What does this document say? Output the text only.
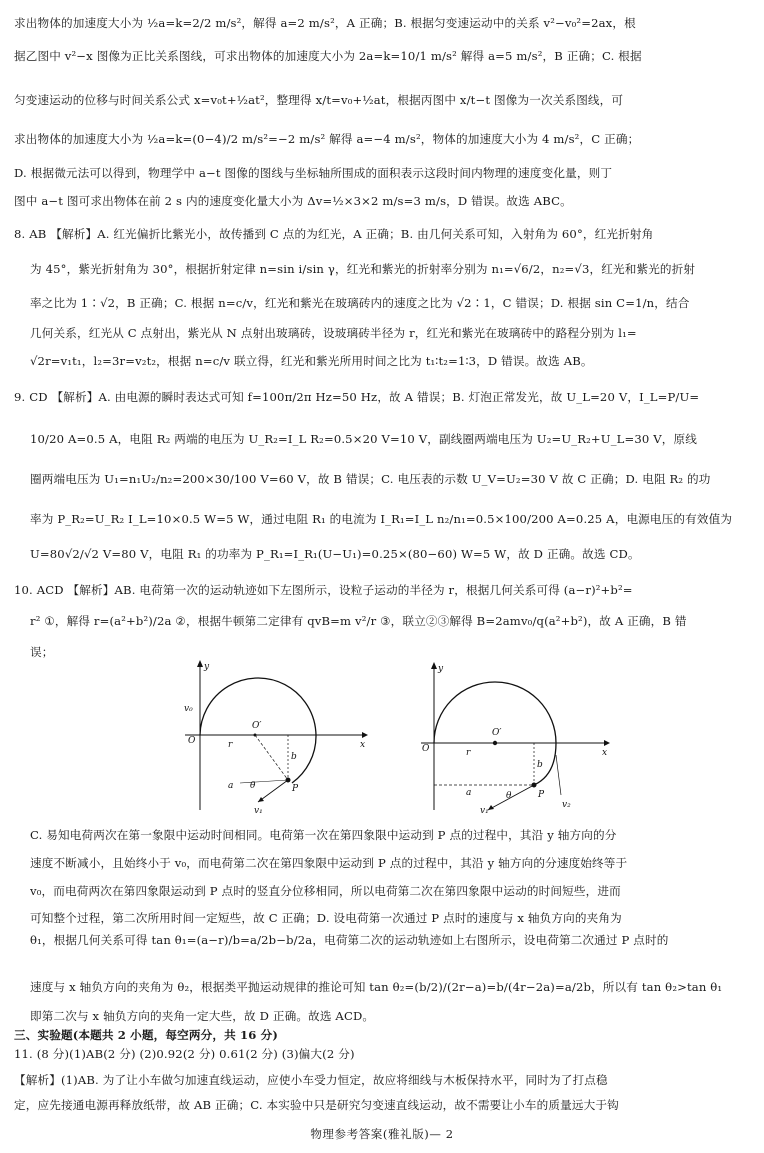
求出物体的加速度大小为 ½a=k=2/2 m/s²，解得 a=2 m/s²，A 正确；B. 根据匀变速运动中的关系 v²−v₀²=2ax，根
据乙图中 v²−x 图像为正比关系图线，可求出物体的加速度大小为 2a=k=10/1 m/s² 解得 a=5 m/s²，B 正确；C. 根据
匀变速运动的位移与时间关系公式 x=v₀t+½at²，整理得 x/t=v₀+½at，根据丙图中 x/t−t 图像为一次关系图线，可
求出物体的加速度大小为 ½a=k=(0−4)/2 m/s²=−2 m/s² 解得 a=−4 m/s²，物体的加速度大小为 4 m/s²，C 正确；
D. 根据微元法可以得到，物理学中 a−t 图像的图线与坐标轴所围成的面积表示这段时间内物理的速度变化量，则丁
图中 a−t 图可求出物体在前 2 s 内的速度变化量大小为 Δv=½×3×2 m/s=3 m/s，D 错误。故选 ABC。
8. AB 【解析】A. 红光偏折比紫光小，故传播到 C 点的为红光，A 正确；B. 由几何关系可知，入射角为 60°，红光折射角
为 45°，紫光折射角为 30°，根据折射定律 n=sin i/sin γ，红光和紫光的折射率分别为 n₁=√6/2，n₂=√3，红光和紫光的折射
率之比为 1∶√2，B 正确；C. 根据 n=c/v，红光和紫光在玻璃砖内的速度之比为 √2∶1，C 错误；D. 根据 sin C=1/n，结合
几何关系，红光从 C 点射出，紫光从 N 点射出玻璃砖，设玻璃砖半径为 r，红光和紫光在玻璃砖中的路程分别为 l₁=
√2r=v₁t₁，l₂=3r=v₂t₂，根据 n=c/v 联立得，红光和紫光所用时间之比为 t₁∶t₂=1∶3，D 错误。故选 AB。
9. CD 【解析】A. 由电源的瞬时表达式可知 f=100π/2π Hz=50 Hz，故 A 错误；B. 灯泡正常发光，故 U_L=20 V，I_L=P/U=
10/20 A=0.5 A，电阻 R₂ 两端的电压为 U_R₂=I_L R₂=0.5×20 V=10 V，副线圈两端电压为 U₂=U_R₂+U_L=30 V，原线
圈两端电压为 U₁=n₁U₂/n₂=200×30/100 V=60 V，故 B 错误；C. 电压表的示数 U_V=U₂=30 V 故 C 正确；D. 电阻 R₂ 的功
率为 P_R₂=U_R₂ I_L=10×0.5 W=5 W，通过电阻 R₁ 的电流为 I_R₁=I_L n₂/n₁=0.5×100/200 A=0.25 A，电源电压的有效值为
U=80√2/√2 V=80 V，电阻 R₁ 的功率为 P_R₁=I_R₁(U−U₁)=0.25×(80−60) W=5 W，故 D 正确。故选 CD。
10. ACD 【解析】AB. 电荷第一次的运动轨迹如下左图所示，设粒子运动的半径为 r，根据几何关系可得 (a−r)²+b²=
r² ①，解得 r=(a²+b²)/2a ②，根据牛顿第二定律有 qvB=m v²/r ③，联立②③解得 B=2amv₀/q(a²+b²)，故 A 正确，B 错
误；
y
x
O
O′
r
b
a θ	P
v₀
v₁
y
x
O
O′
r
b
a	θ	P
v₁
v₂
C. 易知电荷两次在第一象限中运动时间相同。电荷第一次在第四象限中运动到 P 点的过程中，其沿 y 轴方向的分
速度不断减小，且始终小于 v₀，而电荷第二次在第四象限中运动到 P 点的过程中，其沿 y 轴方向的分速度始终等于
v₀，而电荷两次在第四象限运动到 P 点时的竖直分位移相同，所以电荷第二次在第四象限中运动的时间短些，进而
可知整个过程，第二次所用时间一定短些，故 C 正确；D. 设电荷第一次通过 P 点时的速度与 x 轴负方向的夹角为
θ₁，根据几何关系可得 tan θ₁=(a−r)/b=a/2b−b/2a，电荷第二次的运动轨迹如上右图所示，设电荷第二次通过 P 点时的
速度与 x 轴负方向的夹角为 θ₂，根据类平抛运动规律的推论可知 tan θ₂=(b/2)/(2r−a)=b/(4r−2a)=a/2b，所以有 tan θ₂>tan θ₁
即第二次与 x 轴负方向的夹角一定大些，故 D 正确。故选 ACD。
三、实验题(本题共 2 小题，每空两分，共 16 分)
11. (8 分)(1)AB(2 分) (2)0.92(2 分) 0.61(2 分) (3)偏大(2 分)
【解析】(1)AB. 为了让小车做匀加速直线运动，应使小车受力恒定，故应将细线与木板保持水平，同时为了打点稳
定，应先接通电源再释放纸带，故 AB 正确；C. 本实验中只是研究匀变速直线运动，故不需要让小车的质量远大于钩
物理参考答案(雅礼版)— 2
